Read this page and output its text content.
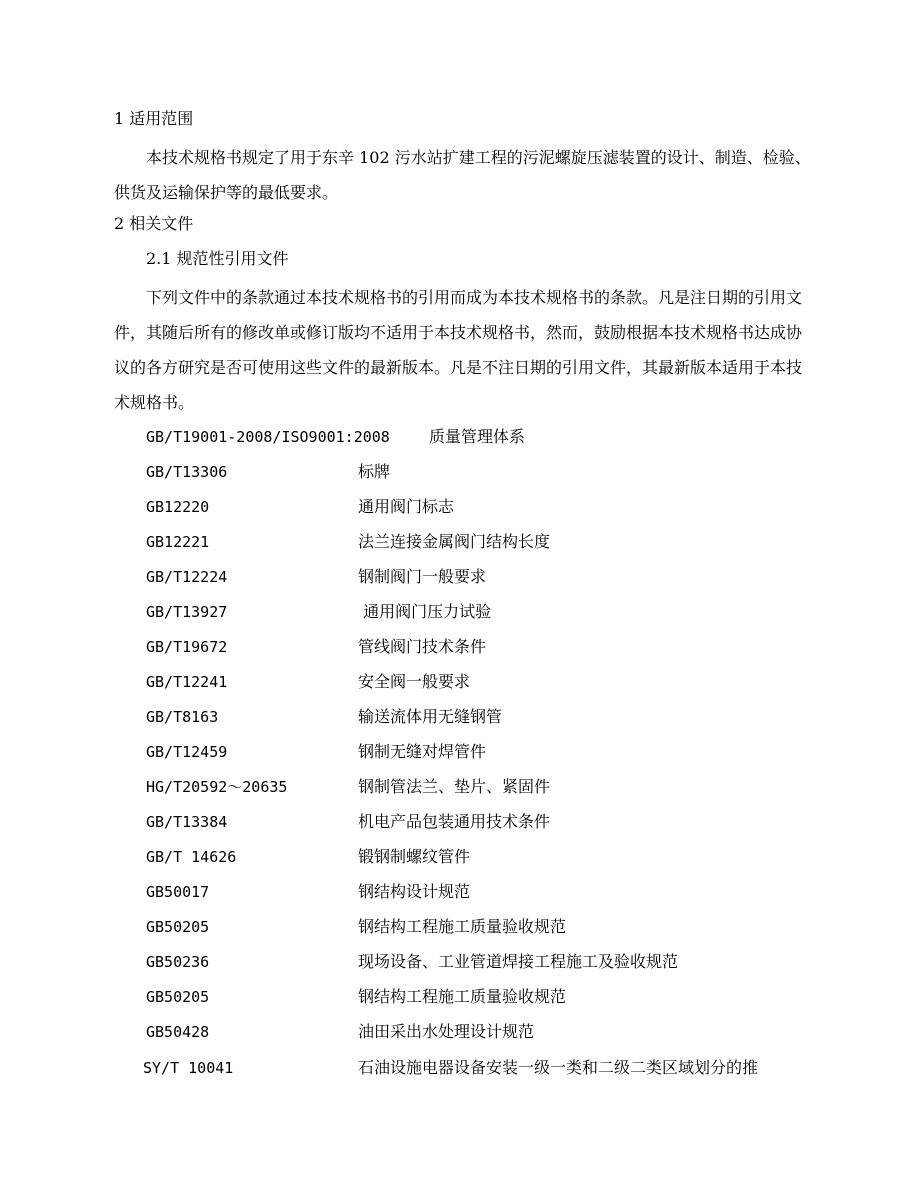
1 适用范围
本技术规格书规定了用于东辛 102 污水站扩建工程的污泥螺旋压滤装置的设计、制造、检验、供货及运输保护等的最低要求。
2 相关文件
2.1 规范性引用文件
下列文件中的条款通过本技术规格书的引用而成为本技术规格书的条款。凡是注日期的引用文件，其随后所有的修改单或修订版均不适用于本技术规格书，然而，鼓励根据本技术规格书达成协议的各方研究是否可使用这些文件的最新版本。凡是不注日期的引用文件，其最新版本适用于本技术规格书。
GB/T19001-2008/ISO9001:2008 质量管理体系
GB/T13306	标牌
GB12220	通用阀门标志
GB12221	法兰连接金属阀门结构长度
GB/T12224	钢制阀门一般要求
GB/T13927	通用阀门压力试验
GB/T19672	管线阀门技术条件
GB/T12241	安全阀一般要求
GB/T8163	输送流体用无缝钢管
GB/T12459	钢制无缝对焊管件
HG/T20592～20635	钢制管法兰、垫片、紧固件
GB/T13384	机电产品包装通用技术条件
GB/T 14626	锻钢制螺纹管件
GB50017	钢结构设计规范
GB50205	钢结构工程施工质量验收规范
GB50236	现场设备、工业管道焊接工程施工及验收规范
GB50205	钢结构工程施工质量验收规范
GB50428	油田采出水处理设计规范
SY/T 10041	石油设施电器设备安装一级一类和二级二类区域划分的推
